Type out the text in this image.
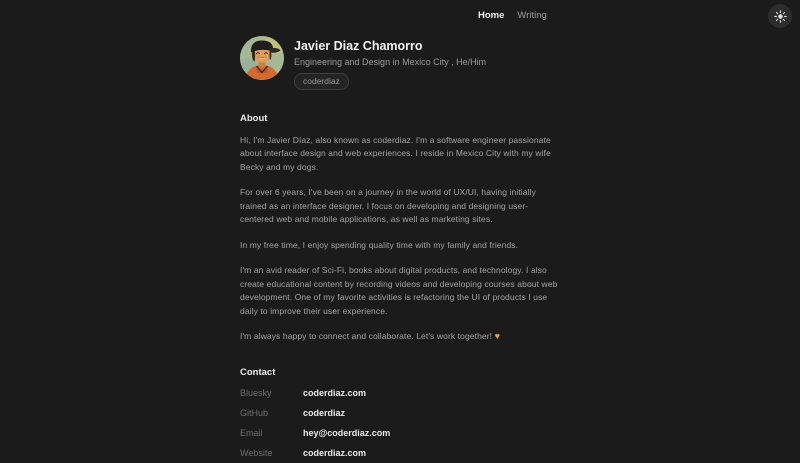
Home Writing
Javier Diaz Chamorro

Engineering and Design in Mexico City , He/Him

coderdiaz
About

Hi, I'm Javier Díaz, also known as coderdiaz. I'm a software engineer passionate about interface design and web experiences. I reside in Mexico City with my wife Becky and my dogs.

For over 6 years, I've been on a journey in the world of UX/UI, having initially trained as an interface designer. I focus on developing and designing user-centered web and mobile applications, as well as marketing sites.

In my free time, I enjoy spending quality time with my family and friends.

I'm an avid reader of Sci-Fi, books about digital products, and technology. I also create educational content by recording videos and developing courses about web development. One of my favorite activities is refactoring the UI of products I use daily to improve their user experience.

I'm always happy to connect and collaborate. Let's work together! ♥

Contact
Bluesky	coderdiaz.com
GitHub	coderdiaz
Email	hey@coderdiaz.com
Website	coderdiaz.com
